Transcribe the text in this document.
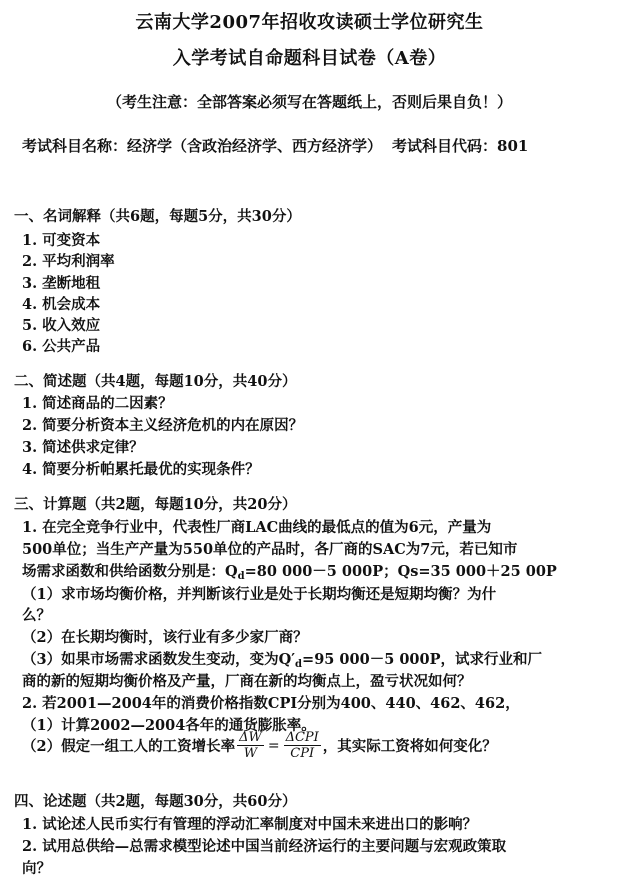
云南大学2007年招收攻读硕士学位研究生
入学考试自命题科目试卷（A卷）
（考生注意：全部答案必须写在答题纸上，否则后果自负！）
考试科目名称：经济学（含政治经济学、西方经济学） 考试科目代码：801
一、名词解释（共6题，每题5分，共30分）
1. 可变资本
2. 平均利润率
3. 垄断地租
4. 机会成本
5. 收入效应
6. 公共产品
二、简述题（共4题，每题10分，共40分）
1. 简述商品的二因素？
2. 简要分析资本主义经济危机的内在原因？
3. 简述供求定律？
4. 简要分析帕累托最优的实现条件？
三、计算题（共2题，每题10分，共20分）
1. 在完全竞争行业中，代表性厂商LAC曲线的最低点的值为6元，产量为
500单位；当生产产量为550单位的产品时，各厂商的SAC为7元，若已知市
场需求函数和供给函数分别是：$Q_d=80$ 000－5 000P；Qs=35 000＋25 00P
（1）求市场均衡价格，并判断该行业是处于长期均衡还是短期均衡？为什
么？
（2）在长期均衡时，该行业有多少家厂商？
（3）如果市场需求函数发生变动，变为$Q'_d=95$ 000－5 000P，试求行业和厂
商的新的短期均衡价格及产量，厂商在新的均衡点上，盈亏状况如何？
2. 若2001—2004年的消费价格指数CPI分别为400、440、462、462，
（1）计算2002—2004各年的通货膨胀率。
（2）假定一组工人的工资增长率 $\frac{\Delta W}{W} = \frac{\text{ΔCPI}}{\text{CPI}}$ ，其实际工资将如何变化？
四、论述题（共2题，每题30分，共60分）
1. 试论述人民币实行有管理的浮动汇率制度对中国未来进出口的影响？
2. 试用总供给—总需求模型论述中国当前经济运行的主要问题与宏观政策取
向？
